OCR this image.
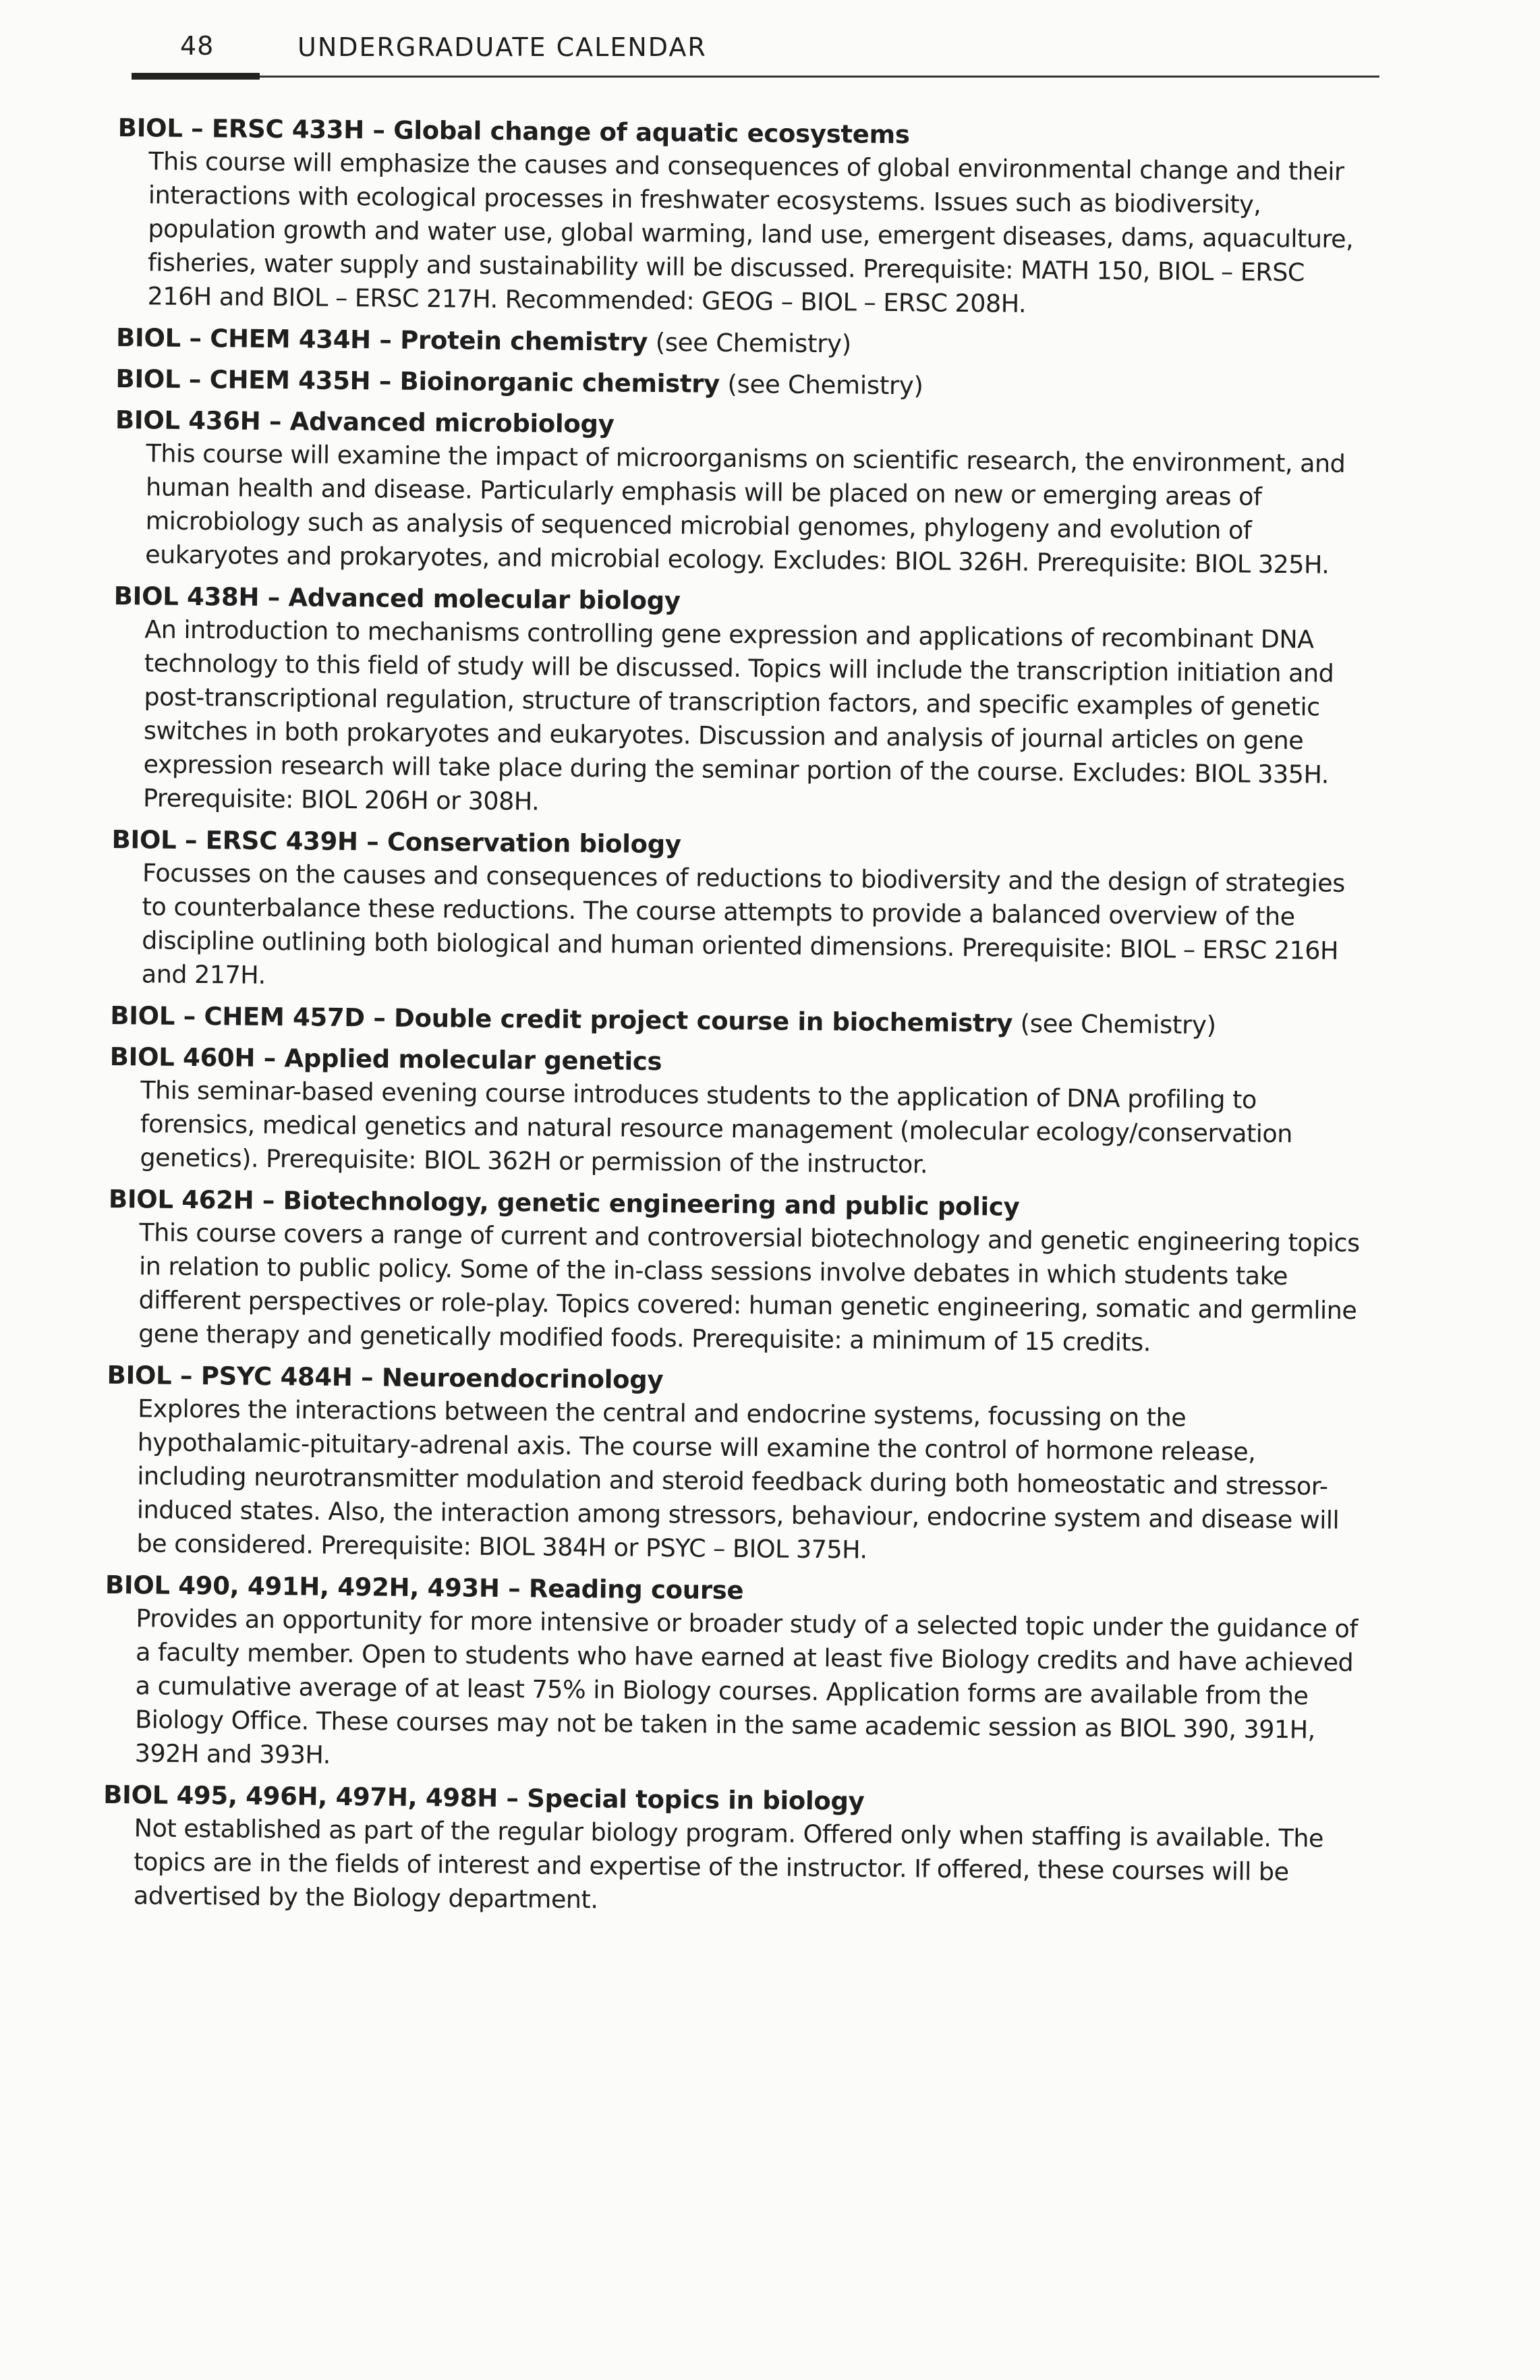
48	UNDERGRADUATE CALENDAR

BIOL – ERSC 433H – Global change of aquatic ecosystems

This course will emphasize the causes and consequences of global environmental change and their interactions with ecological processes in freshwater ecosystems. Issues such as biodiversity, population growth and water use, global warming, land use, emergent diseases, dams, aquaculture, fisheries, water supply and sustainability will be discussed. Prerequisite: MATH 150, BIOL – ERSC 216H and BIOL – ERSC 217H. Recommended: GEOG – BIOL – ERSC 208H.

BIOL – CHEM 434H – Protein chemistry (see Chemistry)

BIOL – CHEM 435H – Bioinorganic chemistry (see Chemistry)

BIOL 436H – Advanced microbiology

This course will examine the impact of microorganisms on scientific research, the environment, and human health and disease. Particularly emphasis will be placed on new or emerging areas of microbiology such as analysis of sequenced microbial genomes, phylogeny and evolution of eukaryotes and prokaryotes, and microbial ecology. Excludes: BIOL 326H. Prerequisite: BIOL 325H.

BIOL 438H – Advanced molecular biology

An introduction to mechanisms controlling gene expression and applications of recombinant DNA technology to this field of study will be discussed. Topics will include the transcription initiation and post-transcriptional regulation, structure of transcription factors, and specific examples of genetic switches in both prokaryotes and eukaryotes. Discussion and analysis of journal articles on gene expression research will take place during the seminar portion of the course. Excludes: BIOL 335H. Prerequisite: BIOL 206H or 308H.

BIOL – ERSC 439H – Conservation biology

Focusses on the causes and consequences of reductions to biodiversity and the design of strategies to counterbalance these reductions. The course attempts to provide a balanced overview of the discipline outlining both biological and human oriented dimensions. Prerequisite: BIOL – ERSC 216H and 217H.

BIOL – CHEM 457D – Double credit project course in biochemistry (see Chemistry)

BIOL 460H – Applied molecular genetics

This seminar-based evening course introduces students to the application of DNA profiling to forensics, medical genetics and natural resource management (molecular ecology/conservation genetics). Prerequisite: BIOL 362H or permission of the instructor.

BIOL 462H – Biotechnology, genetic engineering and public policy

This course covers a range of current and controversial biotechnology and genetic engineering topics in relation to public policy. Some of the in-class sessions involve debates in which students take different perspectives or role-play. Topics covered: human genetic engineering, somatic and germline gene therapy and genetically modified foods. Prerequisite: a minimum of 15 credits.

BIOL – PSYC 484H – Neuroendocrinology

Explores the interactions between the central and endocrine systems, focussing on the hypothalamic-pituitary-adrenal axis. The course will examine the control of hormone release, including neurotransmitter modulation and steroid feedback during both homeostatic and stressor-induced states. Also, the interaction among stressors, behaviour, endocrine system and disease will be considered. Prerequisite: BIOL 384H or PSYC – BIOL 375H.

BIOL 490, 491H, 492H, 493H – Reading course

Provides an opportunity for more intensive or broader study of a selected topic under the guidance of a faculty member. Open to students who have earned at least five Biology credits and have achieved a cumulative average of at least 75% in Biology courses. Application forms are available from the Biology Office. These courses may not be taken in the same academic session as BIOL 390, 391H, 392H and 393H.

BIOL 495, 496H, 497H, 498H – Special topics in biology

Not established as part of the regular biology program. Offered only when staffing is available. The topics are in the fields of interest and expertise of the instructor. If offered, these courses will be advertised by the Biology department.
